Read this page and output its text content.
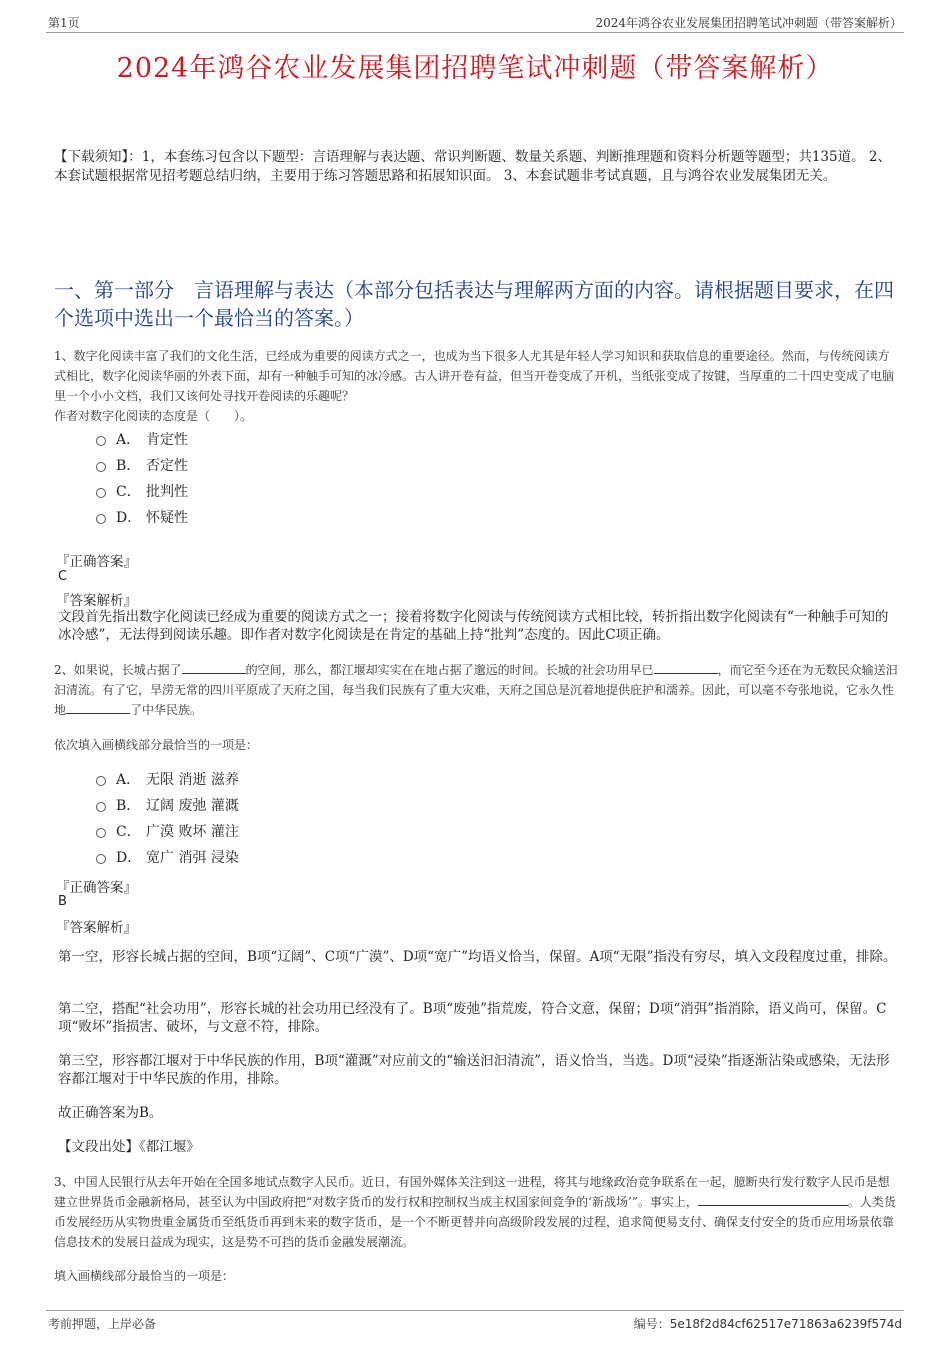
第1页	2024年鸿谷农业发展集团招聘笔试冲刺题（带答案解析）
2024年鸿谷农业发展集团招聘笔试冲刺题（带答案解析）
【下载须知】：1，本套练习包含以下题型：言语理解与表达题、常识判断题、数量关系题、判断推理题和资料分析题等题型；共135道。 2、本套试题根据常见招考题总结归纳，主要用于练习答题思路和拓展知识面。 3、本套试题非考试真题，且与鸿谷农业发展集团无关。
一、第一部分　言语理解与表达（本部分包括表达与理解两方面的内容。请根据题目要求，在四个选项中选出一个最恰当的答案。）
1、数字化阅读丰富了我们的文化生活，已经成为重要的阅读方式之一，也成为当下很多人尤其是年轻人学习知识和获取信息的重要途径。然而，与传统阅读方式相比，数字化阅读华丽的外表下面，却有一种触手可知的冰冷感。古人讲开卷有益，但当开卷变成了开机，当纸张变成了按键，当厚重的二十四史变成了电脑里一个小小文档，我们又该何处寻找开卷阅读的乐趣呢？
作者对数字化阅读的态度是（　　）。
A． 肯定性
B． 否定性
C． 批判性
D． 怀疑性
『正确答案』
C
『答案解析』
文段首先指出数字化阅读已经成为重要的阅读方式之一；接着将数字化阅读与传统阅读方式相比较，转折指出数字化阅读有“一种触手可知的冰冷感”，无法得到阅读乐趣。即作者对数字化阅读是在肯定的基础上持“批判”态度的。因此C项正确。
2、如果说，长城占据了	的空间，那么，都江堰却实实在在地占据了邈远的时间。长城的社会功用早已	，而它至今还在为无数民众输送汩汩清流。有了它，旱涝无常的四川平原成了天府之国，每当我们民族有了重大灾难，天府之国总是沉着地提供庇护和濡养。因此，可以毫不夸张地说，它永久性地	了中华民族。
依次填入画横线部分最恰当的一项是：
A． 无限 消逝 滋养
B． 辽阔 废弛 灌溉
C． 广漠 败坏 灌注
D． 宽广 消弭 浸染
『正确答案』
B
『答案解析』
第一空，形容长城占据的空间，B项“辽阔”、C项“广漠”、D项“宽广”均语义恰当，保留。A项“无限”指没有穷尽，填入文段程度过重，排除。
第二空，搭配“社会功用”，形容长城的社会功用已经没有了。B项“废弛”指荒废，符合文意，保留；D项“消弭”指消除，语义尚可，保留。C项“败坏”指损害、破坏，与文意不符，排除。
第三空，形容都江堰对于中华民族的作用，B项“灌溉”对应前文的“输送汩汩清流”，语义恰当，当选。D项“浸染”指逐渐沾染或感染，无法形容都江堰对于中华民族的作用，排除。
故正确答案为B。
【文段出处】《都江堰》
3、中国人民银行从去年开始在全国多地试点数字人民币。近日，有国外媒体关注到这一进程，将其与地缘政治竞争联系在一起，臆断央行发行数字人民币是想建立世界货币金融新格局，甚至认为中国政府把“对数字货币的发行权和控制权当成主权国家间竞争的‘新战场’”。事实上，	。人类货币发展经历从实物贵重金属货币至纸货币再到未来的数字货币，是一个不断更替并向高级阶段发展的过程，追求简便易支付、确保支付安全的货币应用场景依靠信息技术的发展日益成为现实，这是势不可挡的货币金融发展潮流。
填入画横线部分最恰当的一项是：
考前押题，上岸必备	编号：5e18f2d84cf62517e71863a6239f574d
